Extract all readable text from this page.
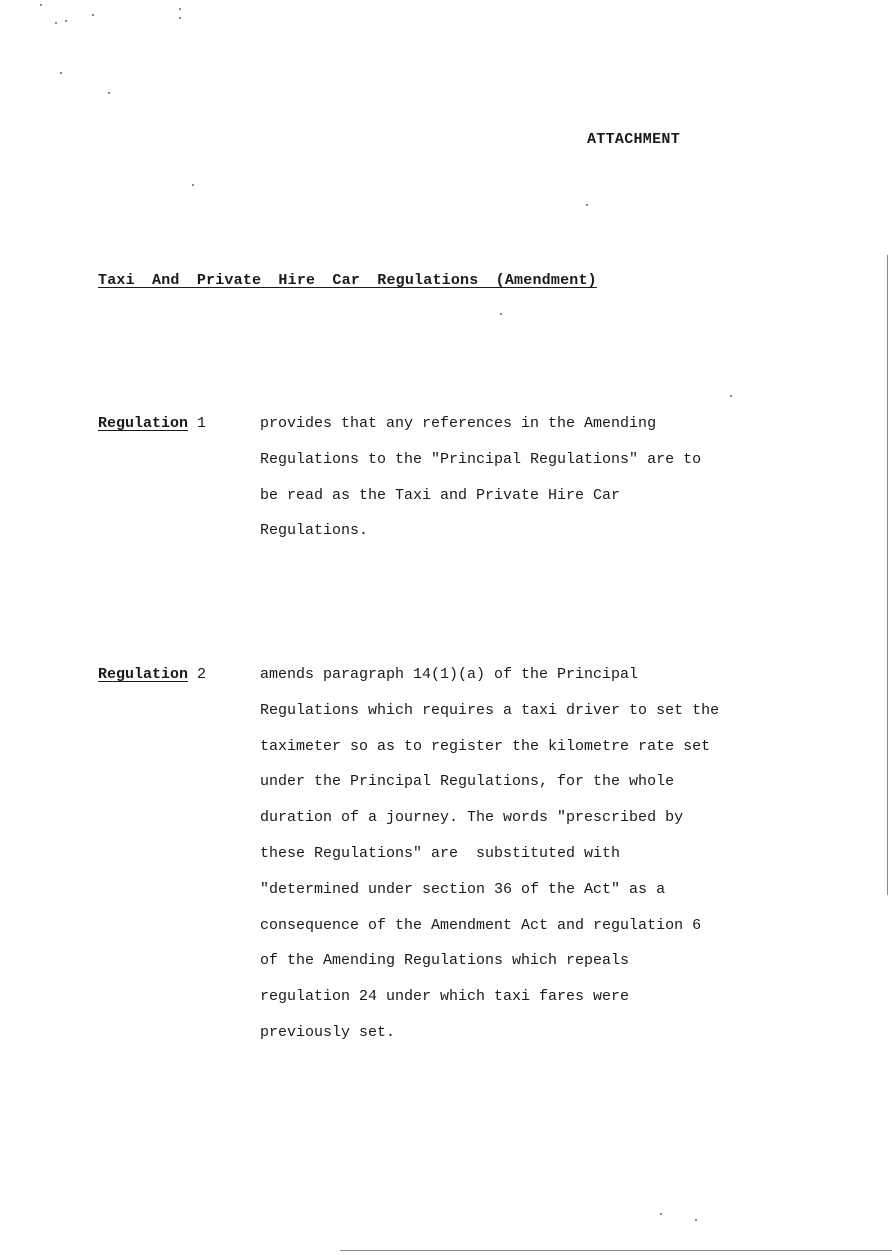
ATTACHMENT
Taxi And Private Hire Car Regulations (Amendment)
Regulation 1	provides that any references in the Amending
Regulations to the "Principal Regulations" are to
be read as the Taxi and Private Hire Car
Regulations.
Regulation 2	amends paragraph 14(1)(a) of the Principal
Regulations which requires a taxi driver to set the
taximeter so as to register the kilometre rate set
under the Principal Regulations, for the whole
duration of a journey. The words "prescribed by
these Regulations" are  substituted with
"determined under section 36 of the Act" as a
consequence of the Amendment Act and regulation 6
of the Amending Regulations which repeals
regulation 24 under which taxi fares were
previously set.
